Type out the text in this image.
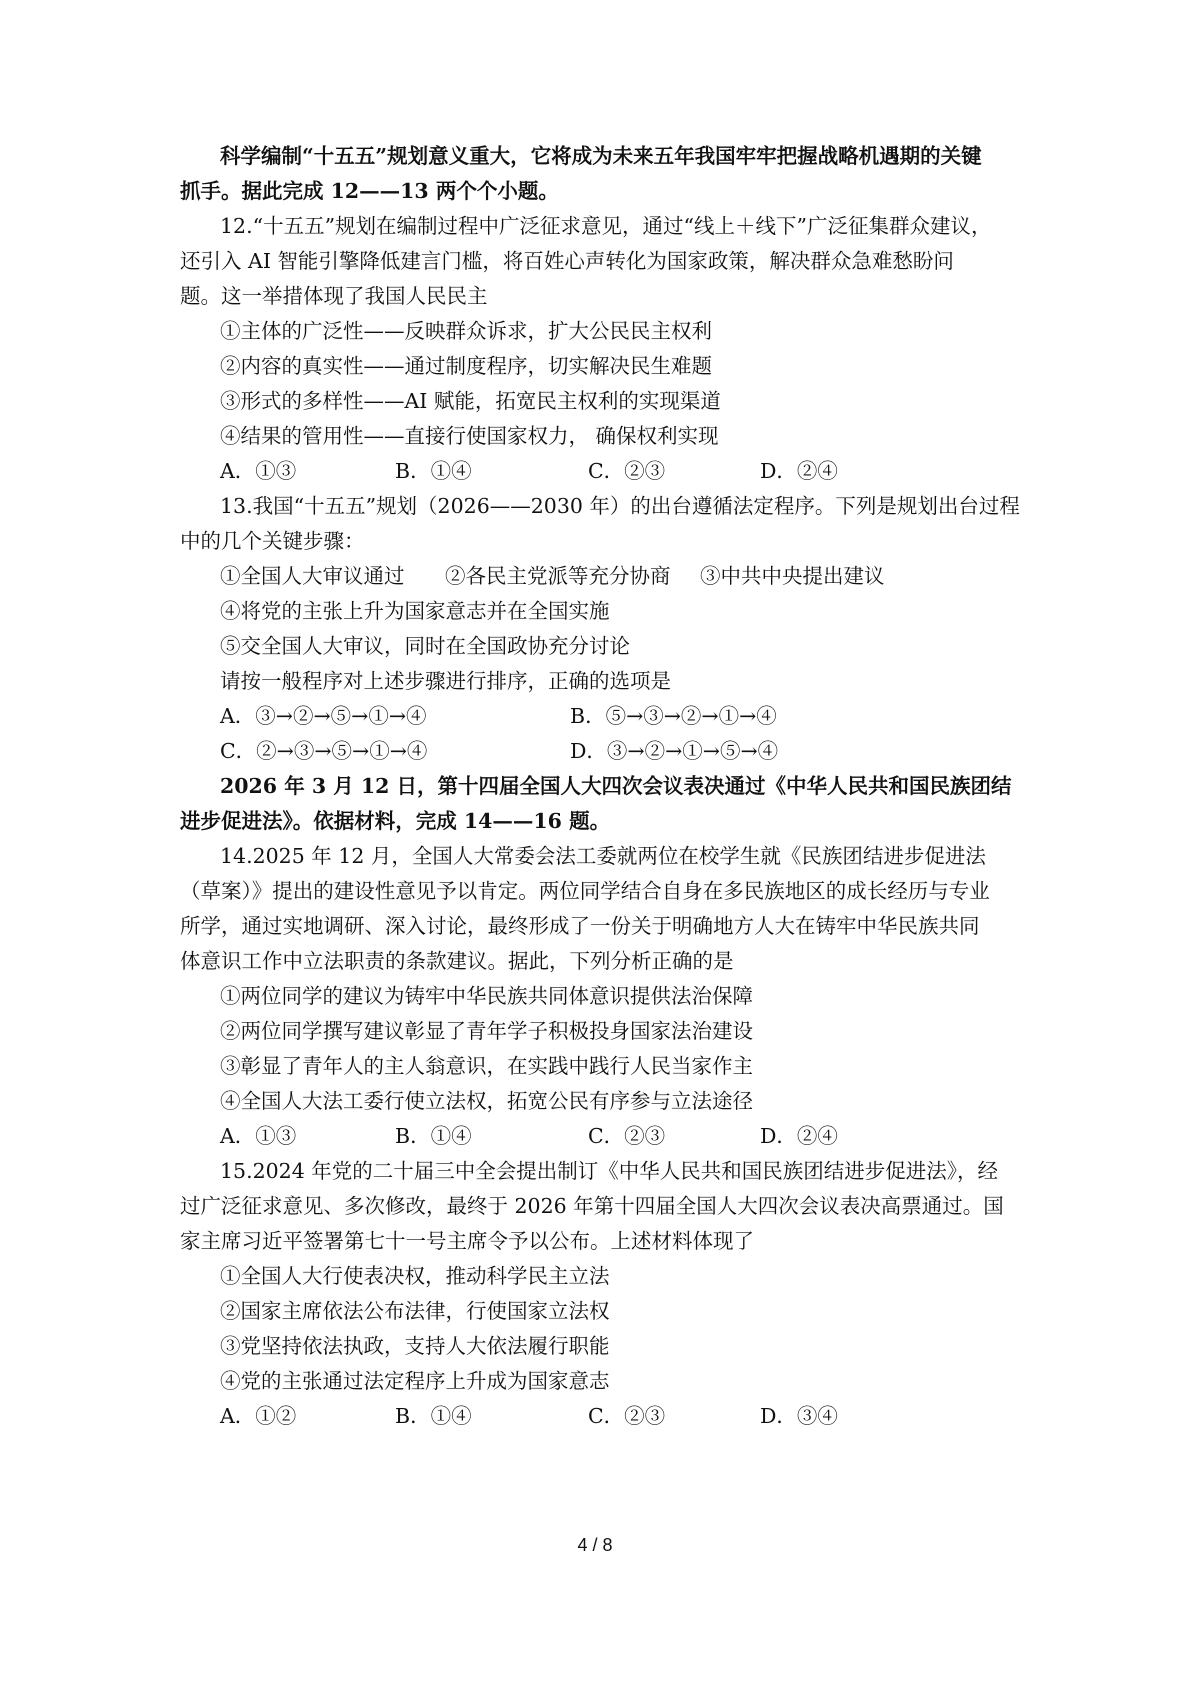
科学编制“十五五”规划意义重大，它将成为未来五年我国牢牢把握战略机遇期的关键
抓手。据此完成 12——13 两个个小题。
12.“十五五”规划在编制过程中广泛征求意见，通过“线上＋线下”广泛征集群众建议，
还引入 AI 智能引擎降低建言门槛，将百姓心声转化为国家政策，解决群众急难愁盼问
题。这一举措体现了我国人民民主
①主体的广泛性——反映群众诉求，扩大公民民主权利
②内容的真实性——通过制度程序，切实解决民生难题
③形式的多样性——AI 赋能，拓宽民主权利的实现渠道
④结果的管用性——直接行使国家权力， 确保权利实现
A．①③	B．①④	C．②③	D．②④
13.我国“十五五”规划（2026——2030 年）的出台遵循法定程序。下列是规划出台过程
中的几个关键步骤：
①全国人大审议通过 ②各民主党派等充分协商 ③中共中央提出建议
④将党的主张上升为国家意志并在全国实施
⑤交全国人大审议，同时在全国政协充分讨论
请按一般程序对上述步骤进行排序，正确的选项是
A．③→②→⑤→①→④	B．⑤→③→②→①→④
C．②→③→⑤→①→④	D．③→②→①→⑤→④
2026 年 3 月 12 日，第十四届全国人大四次会议表决通过《中华人民共和国民族团结
进步促进法》。依据材料，完成 14——16 题。
14.2025 年 12 月，全国人大常委会法工委就两位在校学生就《民族团结进步促进法
（草案）》提出的建设性意见予以肯定。两位同学结合自身在多民族地区的成长经历与专业
所学，通过实地调研、深入讨论，最终形成了一份关于明确地方人大在铸牢中华民族共同
体意识工作中立法职责的条款建议。据此，下列分析正确的是
①两位同学的建议为铸牢中华民族共同体意识提供法治保障
②两位同学撰写建议彰显了青年学子积极投身国家法治建设
③彰显了青年人的主人翁意识，在实践中践行人民当家作主
④全国人大法工委行使立法权，拓宽公民有序参与立法途径
A．①③	B．①④	C．②③	D．②④
15.2024 年党的二十届三中全会提出制订《中华人民共和国民族团结进步促进法》，经
过广泛征求意见、多次修改，最终于 2026 年第十四届全国人大四次会议表决高票通过。国
家主席习近平签署第七十一号主席令予以公布。上述材料体现了
①全国人大行使表决权，推动科学民主立法
②国家主席依法公布法律，行使国家立法权
③党坚持依法执政，支持人大依法履行职能
④党的主张通过法定程序上升成为国家意志
A．①②	B．①④	C．②③	D．③④
4 / 8
